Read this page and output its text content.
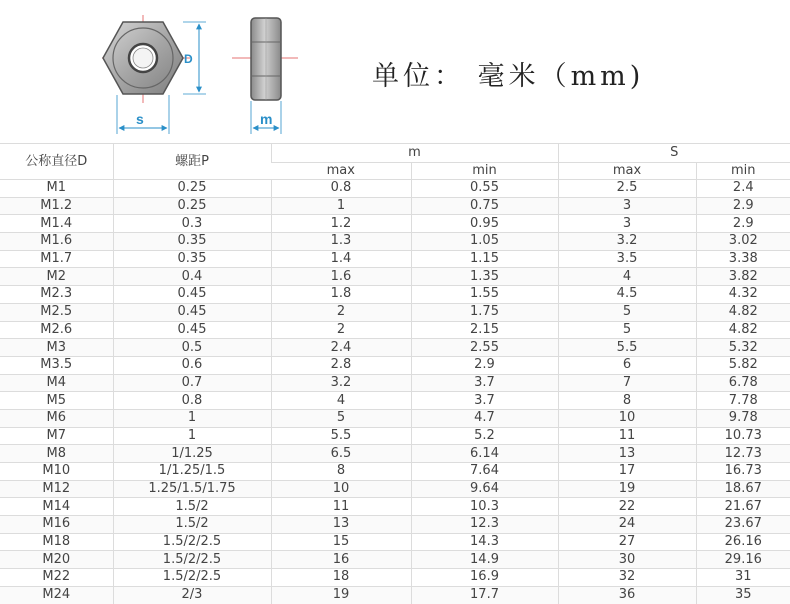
D
s	m
单位： 毫米（mm)
公称直径D	螺距P	m		S	
		max	min	max	min
M1	0.25	0.8	0.55	2.5	2.4
M1.2	0.25	1	0.75	3	2.9
M1.4	0.3	1.2	0.95	3	2.9
M1.6	0.35	1.3	1.05	3.2	3.02
M1.7	0.35	1.4	1.15	3.5	3.38
M2	0.4	1.6	1.35	4	3.82
M2.3	0.45	1.8	1.55	4.5	4.32
M2.5	0.45	2	1.75	5	4.82
M2.6	0.45	2	2.15	5	4.82
M3	0.5	2.4	2.55	5.5	5.32
M3.5	0.6	2.8	2.9	6	5.82
M4	0.7	3.2	3.7	7	6.78
M5	0.8	4	3.7	8	7.78
M6	1	5	4.7	10	9.78
M7	1	5.5	5.2	11	10.73
M8	1/1.25	6.5	6.14	13	12.73
M10	1/1.25/1.5	8	7.64	17	16.73
M12	1.25/1.5/1.75	10	9.64	19	18.67
M14	1.5/2	11	10.3	22	21.67
M16	1.5/2	13	12.3	24	23.67
M18	1.5/2/2.5	15	14.3	27	26.16
M20	1.5/2/2.5	16	14.9	30	29.16
M22	1.5/2/2.5	18	16.9	32	31
M24	2/3	19	17.7	36	35
